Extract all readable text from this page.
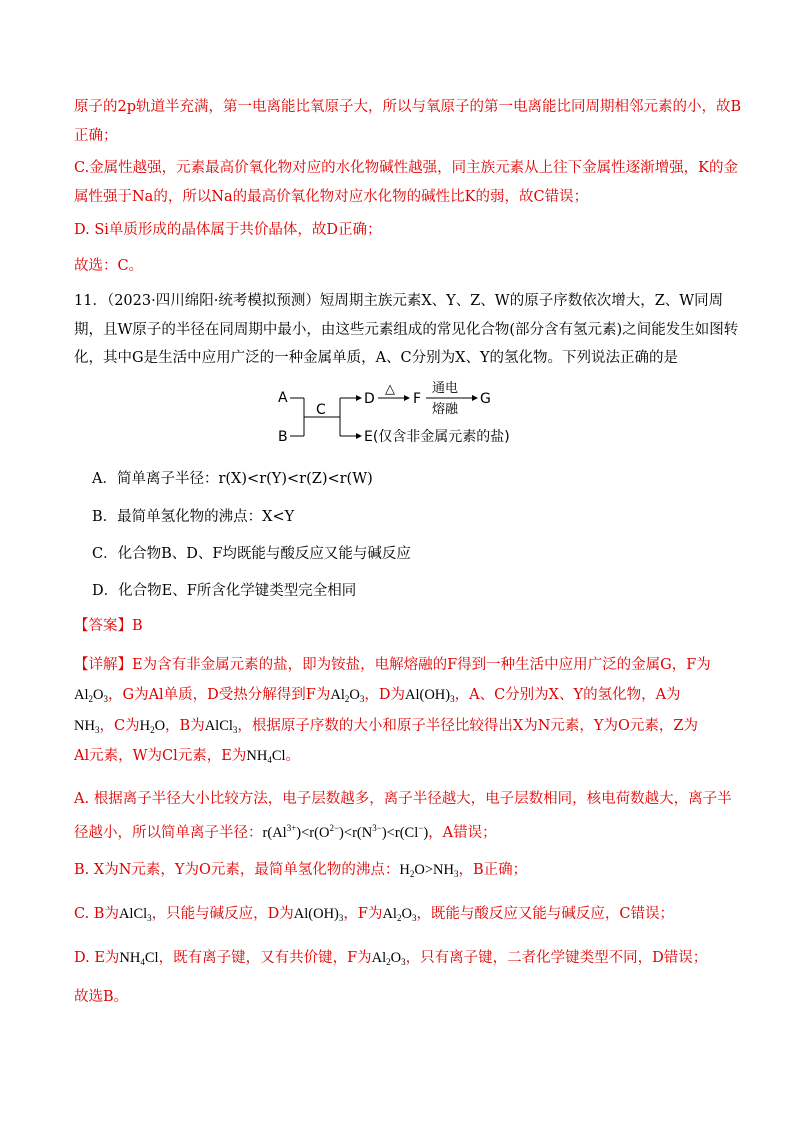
原子的2p轨道半充满，第一电离能比氧原子大，所以与氧原子的第一电离能比同周期相邻元素的小，故B
正确；
C.金属性越强，元素最高价氧化物对应的水化物碱性越强，同主族元素从上往下金属性逐渐增强，K的金
属性强于Na的，所以Na的最高价氧化物对应水化物的碱性比K的弱，故C错误；
D. Si单质形成的晶体属于共价晶体，故D正确；
故选：C。
11．（2023·四川绵阳·统考模拟预测）短周期主族元素X、Y、Z、W的原子序数依次增大，Z、W同周
期，且W原子的半径在同周期中最小，由这些元素组成的常见化合物(部分含有氢元素)之间能发生如图转
化，其中G是生活中应用广泛的一种金属单质，A、C分别为X、Y的氢化物。下列说法正确的是
A
B
C
D
△
F
通电
熔融
G
E(仅含非金属元素的盐)
A．简单离子半径：r(X)<r(Y)<r(Z)<r(W)
B．最简单氢化物的沸点：X<Y
C．化合物B、D、F均既能与酸反应又能与碱反应
D．化合物E、F所含化学键类型完全相同
【答案】B
【详解】E为含有非金属元素的盐，即为铵盐，电解熔融的F得到一种生活中应用广泛的金属G，F为
$Al_2O_3$，G为Al单质，D受热分解得到F为$Al_2O_3$，D为$Al(OH)_3$，A、C分别为X、Y的氢化物，A为
$NH_3$，C为$H_2O$，B为AlCl$_3$，根据原子序数的大小和原子半径比较得出X为N元素，Y为O元素，Z为
Al元素，W为Cl元素，E为$NH_4Cl$。
A. 根据离子半径大小比较方法，电子层数越多，离子半径越大，电子层数相同，核电荷数越大，离子半
径越小，所以简单离子半径：$r(Al^{3+})<r(O^{2-})<r(N^{3-})<r(Cl^-)$，A错误；
B. X为N元素，Y为O元素，最简单氢化物的沸点：$H_2O>NH_3$，B正确；
C. B为AlCl$_3$，只能与碱反应，D为$Al(OH)_3$，F为$Al_2O_3$，既能与酸反应又能与碱反应，C错误；
D. E为$NH_4Cl$，既有离子键，又有共价键，F为$Al_2O_3$，只有离子键，二者化学键类型不同，D错误；
故选B。
